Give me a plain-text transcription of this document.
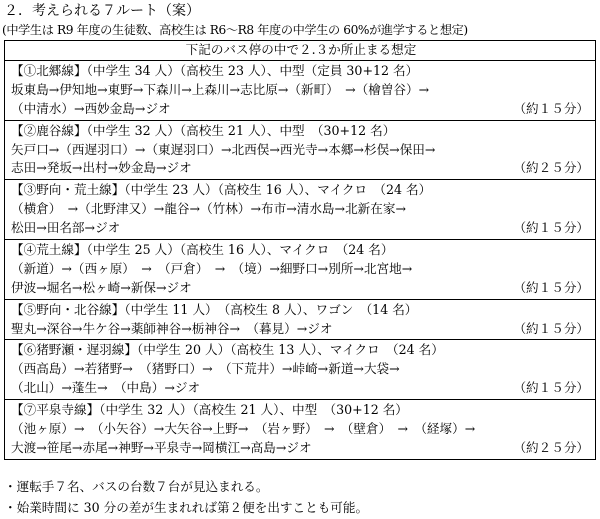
２．考えられる７ルート（案）
(中学生は R9 年度の生徒数、高校生は R6～R8 年度の中学生の 60%が進学すると想定)
下記のバス停の中で２.３か所止まる想定

【①北郷線】（中学生 34 人）（高校生 23 人）、中型（定員 30+12 名）
坂東島→伊知地→東野→下森川→上森川→志比原→（新町）　→（檜曽谷）→
（中清水）→西妙金島→ジオ	（約１５分）

【②鹿谷線】（中学生 32 人）（高校生 21 人）、中型　（30+12 名）
矢戸口→（西遅羽口）→（東遅羽口）→北西俣→西光寺→本郷→杉俣→保田→
志田→発坂→出村→妙金島→ジオ	（約２５分）

【③野向・荒土線】（中学生 23 人）（高校生 16 人）、マイクロ　（24 名）
（横倉）　→（北野津又）→龍谷→（竹林）→布市→清水島→北新在家→
松田→田名部→ジオ	（約１５分）

【④荒土線】（中学生 25 人）（高校生 16 人）、マイクロ　（24 名）
（新道）→（西ヶ原）　→　（戸倉）　→　（境）→細野口→別所→北宮地→
伊波→堀名→松ヶ崎→新保→ジオ	（約１５分）

【⑤野向・北谷線】（中学生 11 人）　（高校生 8 人）、ワゴン　（14 名）
聖丸→深谷→牛ケ谷→薬師神谷→栃神谷→　（暮見）→ジオ	（約１５分）

【⑥猪野瀬・遅羽線】（中学生 20 人）（高校生 13 人）、マイクロ　（24 名）
（西高島）→若猪野→　（猪野口）→　（下荒井）→峠崎→新道→大袋→
（北山）→蓬生→　（中島）→ジオ	（約１５分）

【⑦平泉寺線】（中学生 32 人）（高校生 21 人）、中型　（30+12 名）
（池ヶ原）→　（小矢谷）→大矢谷→上野→　（岩ヶ野）　→　（壁倉）　→　（経塚）→
大渡→笹尾→赤尾→神野→平泉寺→岡横江→高島→ジオ	（約２５分）
・運転手７名、バスの台数７台が見込まれる。
・始業時間に 30 分の差が生まれれば第２便を出すことも可能。
